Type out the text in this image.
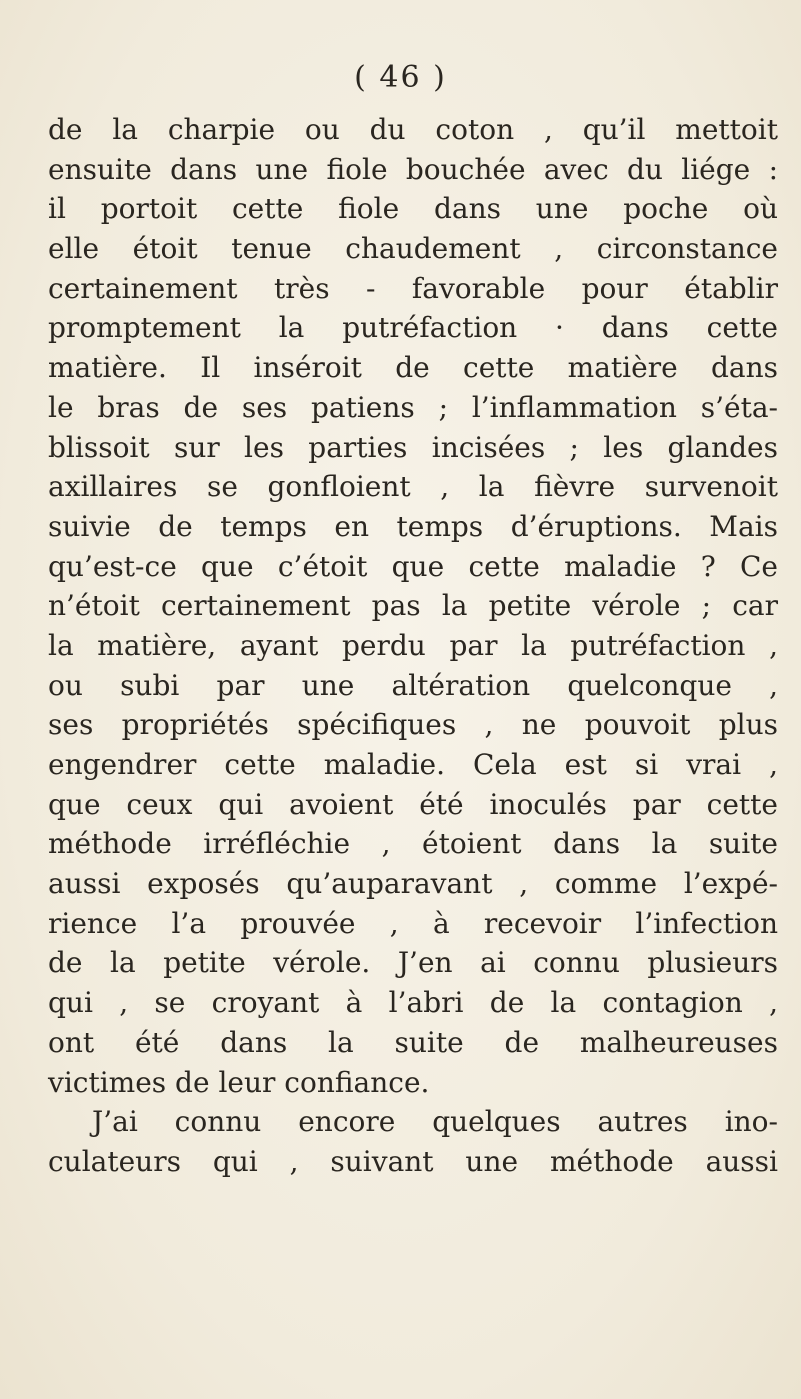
( 46 )
de la charpie ou du coton , qu’il mettoit
ensuite dans une fiole bouchée avec du liége :
il portoit cette fiole dans une poche où
elle étoit tenue chaudement , circonstance
certainement très - favorable pour établir
promptement la putréfaction · dans cette
matière. Il inséroit de cette matière dans
le bras de ses patiens ; l’inflammation s’éta-
blissoit sur les parties incisées ; les glandes
axillaires se gonfloient , la fièvre survenoit
suivie de temps en temps d’éruptions. Mais
qu’est-ce que c’étoit que cette maladie ? Ce
n’étoit certainement pas la petite vérole ; car
la matière, ayant perdu par la putréfaction ,
ou subi par une altération quelconque ,
ses propriétés spécifiques , ne pouvoit plus
engendrer cette maladie. Cela est si vrai ,
que ceux qui avoient été inoculés par cette
méthode irréfléchie , étoient dans la suite
aussi exposés qu’auparavant , comme l’expé-
rience l’a prouvée , à recevoir l’infection
de la petite vérole. J’en ai connu plusieurs
qui , se croyant à l’abri de la contagion ,
ont été dans la suite de malheureuses
victimes de leur confiance.
J’ai connu encore quelques autres ino-
culateurs qui , suivant une méthode aussi
